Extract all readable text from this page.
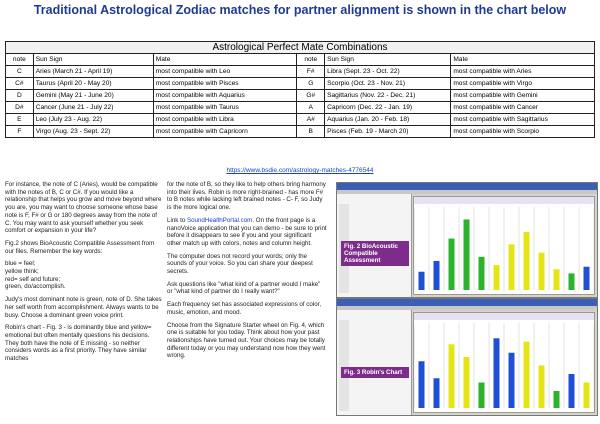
Traditional Astrological Zodiac matches for partner alignment is shown in the chart below
Astrological Perfect Mate Combinations					
note	Sun Sign	Mate	note	Sun Sign	Mate
C	Aries (March 21 - April 19)	most compatible with Leo	F#	Libra (Sept. 23 - Oct. 22)	most compatible with Aries
C#	Taurus (April 20 - May 20)	most compatible with Pisces	G	Scorpio (Oct. 23 - Nov. 21)	most compatible with Virgo
D	Gemini (May 21 - June 20)	most compatible with Aquarius	G#	Sagittarius (Nov. 22 - Dec. 21)	most compatible with Gemini
D#	Cancer (June 21 - July 22)	most compatible with Taurus	A	Capricorn (Dec. 22 - Jan. 19)	most compatible with Cancer
E	Leo (July 23 - Aug. 22)	most compatible with Libra	A#	Aquarius (Jan. 20 - Feb. 18)	most compatible with Sagittarius
F	Virgo (Aug. 23 - Sept. 22)	most compatible with Capricorn	B	Pisces (Feb. 19 - March 20)	most compatible with Scorpio
https://www.bsdie.com/astrology-matches-4776544

For instance, the note of C (Aries), would be compatible with the notes of B, C or C#. If you would like a relationship that helps you grow and move beyond where you are, you may want to choose someone whose base note is F, F# or G or 180 degrees away from the note of C. You may want to ask yourself whether you seek comfort or expansion in your life?

Fig.2 shows BioAcoustic Compatible Assessment from our files. Remember the key words:

blue = feel;
yellow think;
red= self and future;
green, do/accomplish.

Judy's most dominant note is green, note of D. She takes her self worth from accomplishment. Always wants to be busy. Choose a dominant green voice print.

Robin's chart - Fig. 3 - is dominantly blue and yellow= emotional but often mentally questions his decisions. They both have the note of E missing - so neither considers words as a first priority. They have similar matches

for the note of B, so they like to help others bring harmony into their lives. Robin is more right-brained - has more F# to B notes while lacking left brained notes - C- F, so Judy is the more logical one.

Link to SoundHealthPortal.com. On the front page is a nanoVoice application that you can demo - be sure to print before it disappears to see if you and your significant other match up with colors, notes and column height.

The computer does not record your words; only the sounds of your voice. So you can share your deepest secrets.

Ask questions like "what kind of a partner would I make" or "what kind of partner do I really want?"

Each frequency set has associated expressions of color, music, emotion, and mood.

Choose from the Signature Starter wheel on Fig. 4, which one is suitable for you today. Think about how your past relationships have turned out. Your choices may be totally different today or you may understand now how they went wrong.

Fig. 2 BioAcoustic Compatible Assessment
Fig. 3 Robin's Chart
